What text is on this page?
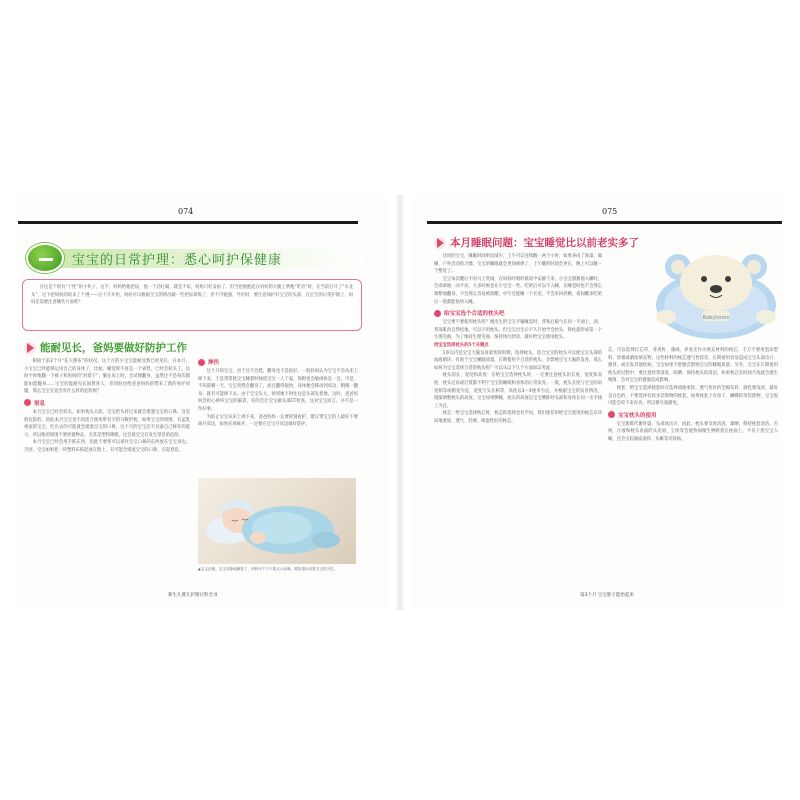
074
宝宝的日常护理：悉心呵护保健康

在这是个很有“个性”的小伙子，这不，妈妈给他把尿，他一个劲打嗝，就是不尿，妈妈只好妥协了。但当把他抱起在妈妈的大腿上哄他“吃语”时，在当前打开了“水龙头”，这下把妈妈的结来了个透——这个月开始，妈妈可以根据宝宝的情况做一些把尿训练了，但不可勉强，外出时，要注意保护好宝宝的头部，在宝宝的日常护理上，妈妈还需要注意哪些方面呢？

能耐见长，爸妈要做好防护工作

相较于前2个月“任人摆布”的状况，这个月的小宝宝能耐显然已经见长，在本月，小宝宝已经能够运用自己的身体了，比如，睡觉时不再是一个姿势，已经会转头了，这时不时地翻一下被子和妈妈的“对着干”；躺在床上时，会试图翻身，虽然还不是每次都能如愿翻身……宝宝的能耐见长固然喜人，但同时也给爸爸妈妈的带来了新的看护问题，那么宝宝究竟会有什么样的危险呢？

窒息

本月宝宝已经会转头，如果枕头太软，宝宝把头转过来就会堵塞宝宝的口鼻，这是很危险的，因此本月宝宝也不再适合使用带有空的马鞍形枕，如果宝宝的周围，有盖乳视家的宝宝，吐出去的可能就会堵塞宝宝的口鼻，这个月的宝宝还不具备自己移开的能力，所以他的周围不要放置物品，尤其是塑料薄膜，这会使宝宝有发生窒息的危险。

本月宝宝已经会用手抓东西，因此不要将可以拿住宝宝口鼻的东西放在宝宝身边。否则，宝宝如果把一块塑料布抓起放在脸上，有可能会堵塞宝宝的口鼻，引起窒息。

摔伤

这个月的宝宝，由于还不会爬，翻身也不是很好，一般妈妈认为宝宝不会从床上掉下来，于是常常趁宝宝睡着时独留宝宝一人于家，保姆也会偷闲休息一会。可是，不知道哪一天，宝宝突然会翻身了，而且翻得很快，身体便会移动到床边，稍微一翻身，就有可能掉下去。由于宝宝头大，掉到地下时往往是头部先着地，这时，爸爸妈妈会担心摔坏宝宝的脑袋，有的会让宝宝做头部CT检查，这对宝宝而言，并不是一件好事。

为防止宝宝从床上掉下来，爸爸妈妈一定要时刻看护，建议带宝宝的人最好不要离开床边，如果必须离开，一定要在宝宝开床边做好防护。

▲宝宝正睡。宝宝安静地睡着了，妈妈可千万不要走太远哦，要知道好动着宝宝的天性。
新生儿婴儿护理百科全书
075
本月睡眠问题：宝宝睡觉比以前老实多了

这时的宝宝，睡眠时间明显减少，上午可以连续醒一两个小时，如果养成了洗澡、做操、户外活动的习惯，宝宝的睡眠就会更加规律了，上午醒的时间会更长，晚上可以睡一个整觉了。

宝宝每次醒后不再马上哭闹，在妈妈哼唱的歌谣中安静下来，小宝宝甜甜地入睡时，会乖乖地一动不动，大多时候也在小宝宝一些。吃奶后可以不入睡，在睡觉时也不会那么频繁地翻身，不会那么容易被惊醒，中午还能睡一个长觉，不会来回折腾，夜间醒来吃奶后一般都能很快入睡。

给宝宝选个合适的枕头吧

宝宝要不要使用枕头呢？刚出生的宝宝平躺睡觉时，背和后脑勺在同一平面上，颈、背部肌肉自然松弛，可以不用枕头，但宝宝出生后不久开始学会抬头，脊柱就形成第一个生理弯曲，为了维持生理弯曲，保持体位舒适，最好给宝宝使用枕头。

给宝宝选择枕头的5个关键点

1岁以内是宝宝大脑发育最快的时期，选择枕头，适合宝宝的枕头可以使宝宝头部的血液循环，有助于宝宝睡眠质量，长期使用不合适的枕头，会影响宝宝大脑的发育，那么如何为宝宝选择合适的枕头呢？可以从以下几个方面加以考虑：

枕头的长、宽度和高度：在给宝宝选择枕头时，一定要注意枕头的长度、宽度和高度，枕头过高或过低都不利于宝宝的睡眠和身体的正常发育。一般，枕头长度与宝宝的肩宽相等或稍宽为宜，宽度与头长相等，高度以3～4厘米为宜，并根据宝宝的发育情况，逐渐调整枕头的高度。宝宝如果侧睡，枕头的高度以宝宝侧卧时头部和身体在同一水平线上为宜。

枕芯：给宝宝选择枕芯时，枕芯的选择也有学问，我们推荐的给宝宝使用的枕芯应该质地柔软、透气、轻便、吸湿性好的枕芯。

Babyhome

芯，可以选择灯芯草、荞麦籽、蒲绒，养麦壳作为填充材料的枕芯，千万不要用泡沫塑料、丝棉或腈纶填充物，这些材料的枕芯透气性较差，长期使用容易造成宝宝头部出汗、感冒，或引发其他疾病，宝宝如果不舒服会影响宝宝的睡眠质量。另外，宝宝在长期使用枕头的过程中，要注意经常清洗、晾晒，保持枕头的清洁，如果枕芯长时间不洗就会滋生细菌，会对宝宝的健康造成影响。

枕套：给宝宝选择枕套时应选择质地柔软、透气性好的全棉布料，颜色要浅淡，最好是白色的，不要选择有较多装饰物的枕套，如果枕套上有扣子、蝴蝶结等装饰物，宝宝很可能会咬下来吞食，所以要尽量避免。

宝宝枕头的使用

宝宝新陈代谢旺盛，头部易出汗，因此，枕头要及时清洗、暴晒，保持枕套清洁。否则，汗液和枕头表面的头皮屑、尘埃等会使致病微生物附着在枕面上，不仅干扰宝宝入睡，还会引起颜面湿疹、头癣等皮肤病。

第3个月 宝宝脖子能抬起来
